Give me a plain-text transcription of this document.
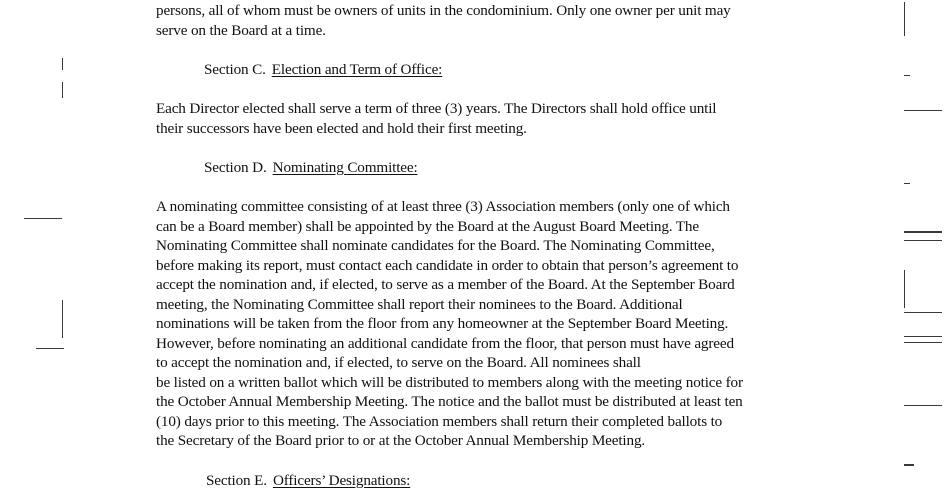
persons, all of whom must be owners of units in the condominium. Only one owner per unit may
serve on the Board at a time.
Section C. Election and Term of Office:
Each Director elected shall serve a term of three (3) years. The Directors shall hold office until
their successors have been elected and hold their first meeting.
Section D. Nominating Committee:
A nominating committee consisting of at least three (3) Association members (only one of which
can be a Board member) shall be appointed by the Board at the August Board Meeting. The
Nominating Committee shall nominate candidates for the Board. The Nominating Committee,
before making its report, must contact each candidate in order to obtain that person’s agreement to
accept the nomination and, if elected, to serve as a member of the Board. At the September Board
meeting, the Nominating Committee shall report their nominees to the Board. Additional
nominations will be taken from the floor from any homeowner at the September Board Meeting.
However, before nominating an additional candidate from the floor, that person must have agreed
to accept the nomination and, if elected, to serve on the Board. All nominees shall
be listed on a written ballot which will be distributed to members along with the meeting notice for
the October Annual Membership Meeting. The notice and the ballot must be distributed at least ten
(10) days prior to this meeting. The Association members shall return their completed ballots to
the Secretary of the Board prior to or at the October Annual Membership Meeting.
Section E. Officers’ Designations:
